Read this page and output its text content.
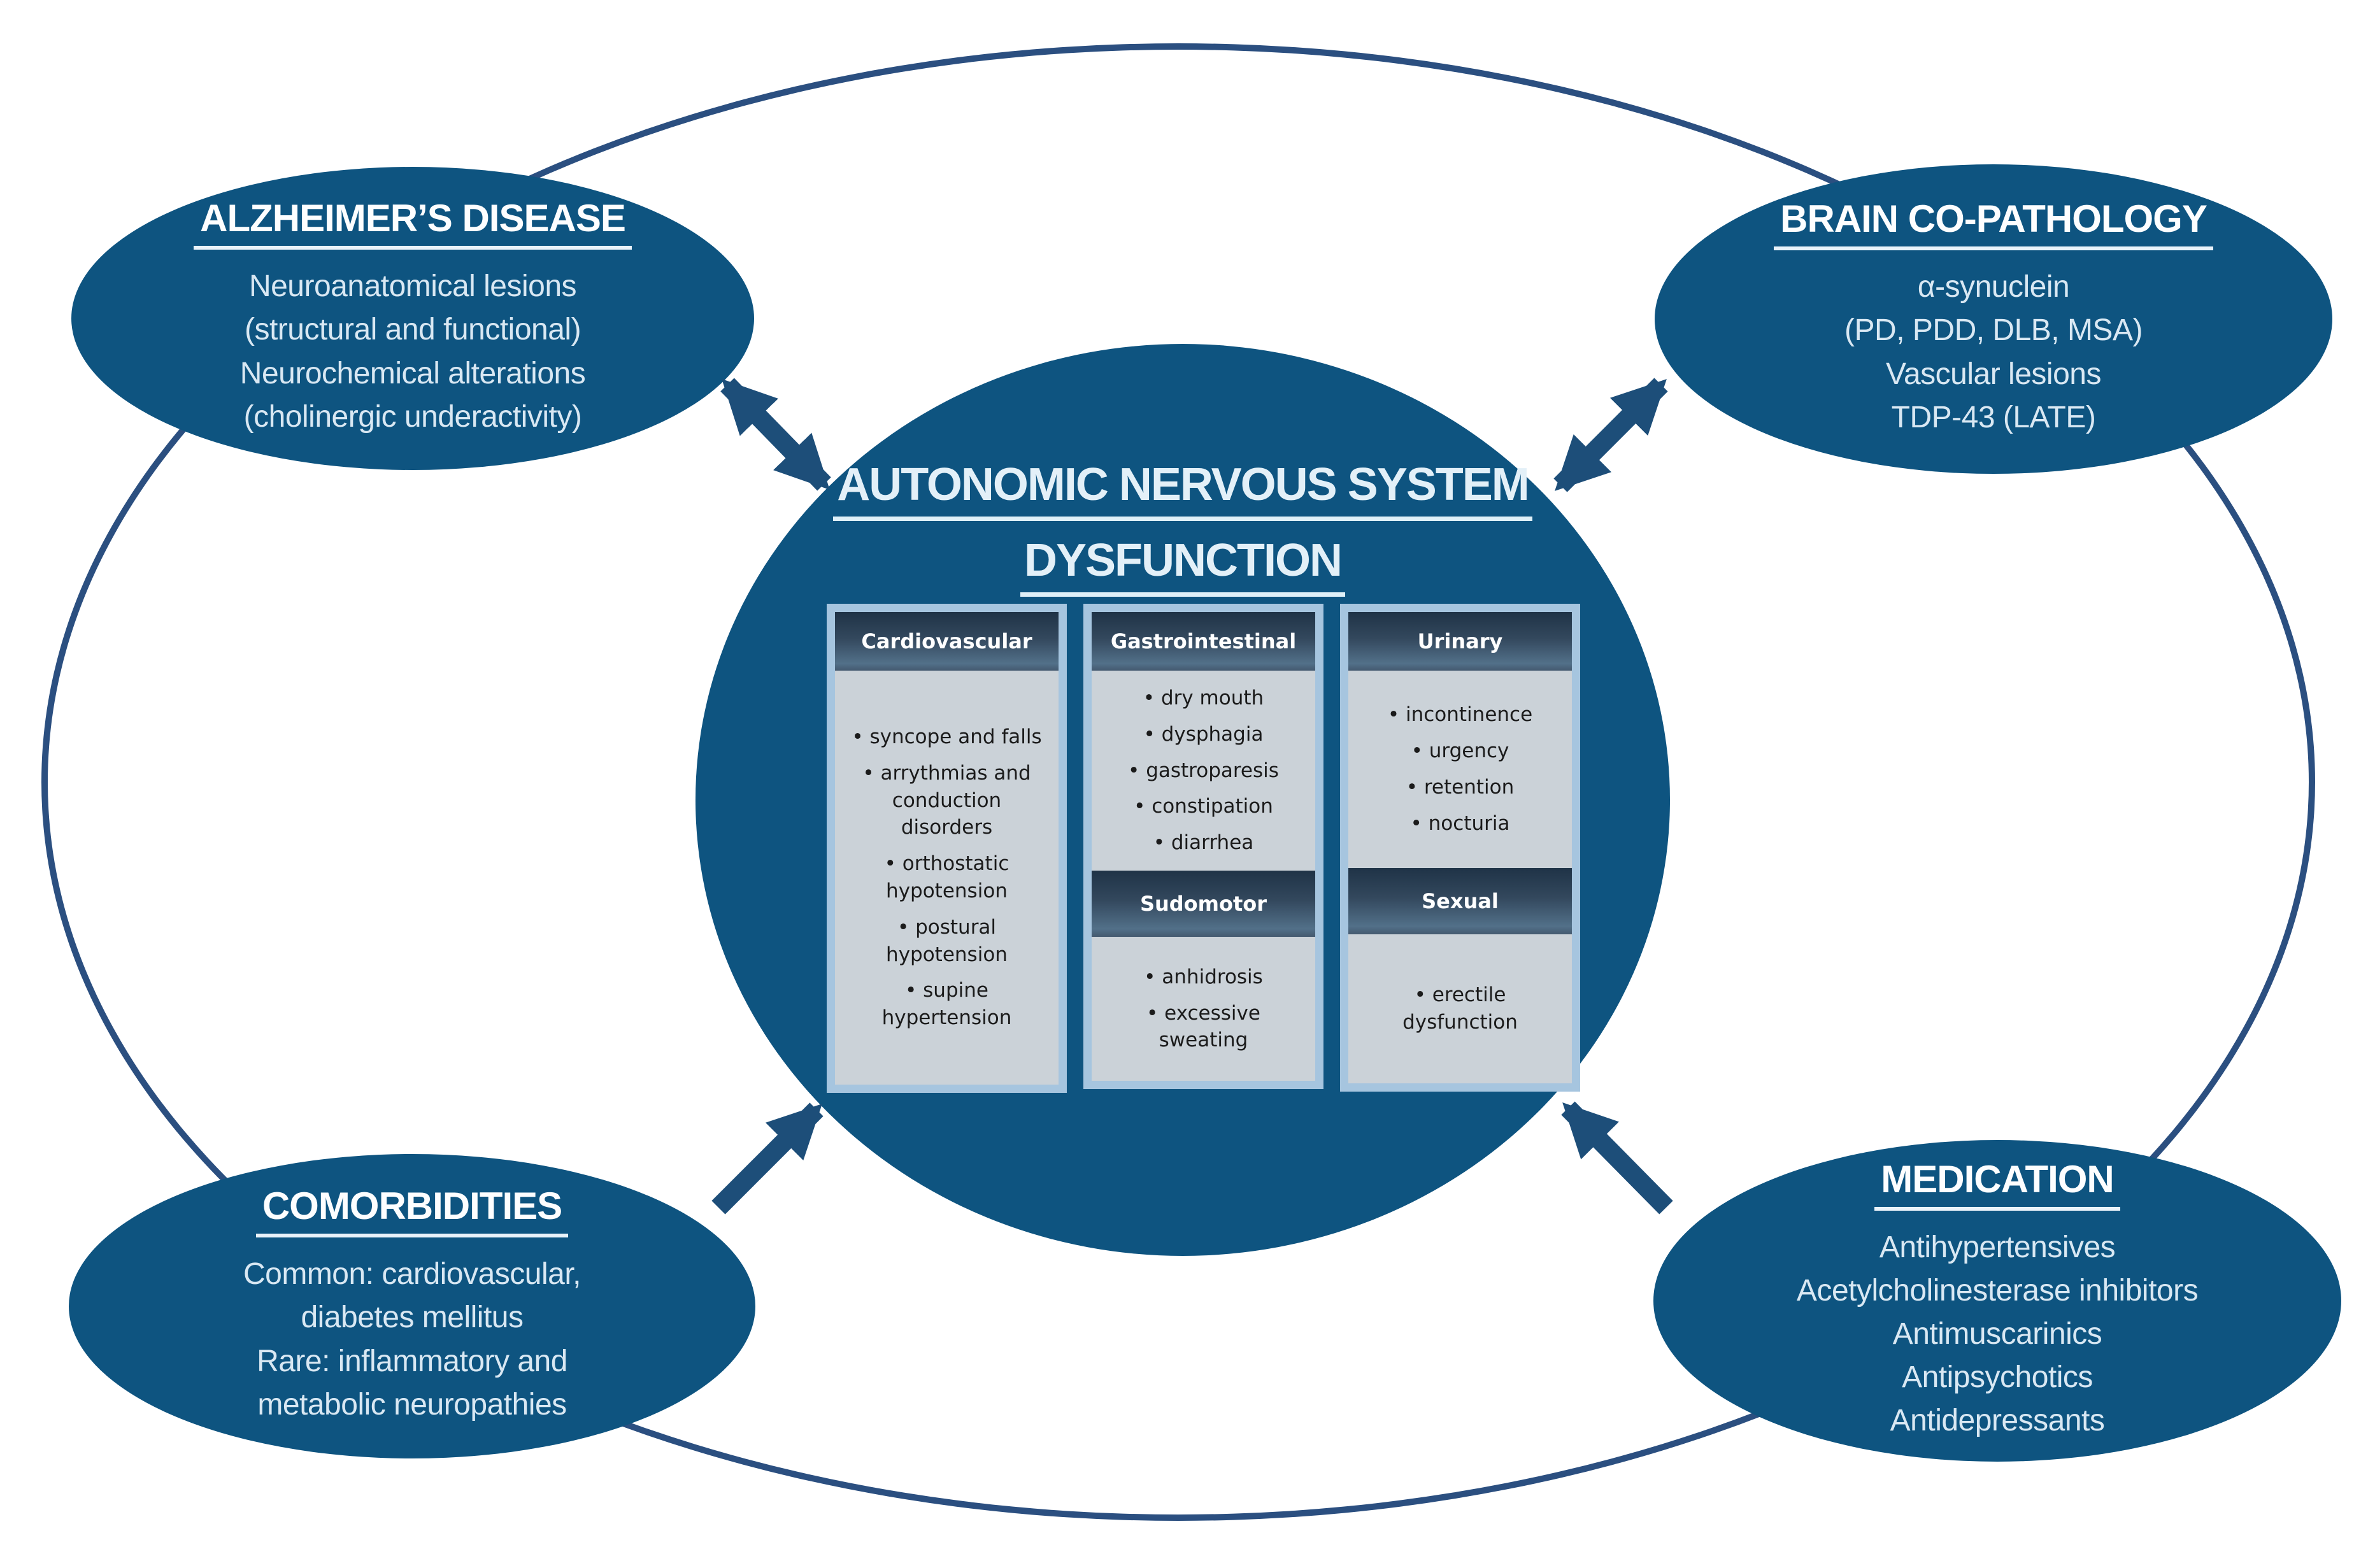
ALZHEIMER’S DISEASE
Neuroanatomical lesions
(structural and functional)
Neurochemical alterations
(cholinergic underactivity)
BRAIN CO-PATHOLOGY
α-synuclein
(PD, PDD, DLB, MSA)
Vascular lesions
TDP-43 (LATE)
COMORBIDITIES
Common: cardiovascular,
diabetes mellitus
Rare: inflammatory and
metabolic neuropathies
MEDICATION
Antihypertensives
Acetylcholinesterase inhibitors
Antimuscarinics
Antipsychotics
Antidepressants
AUTONOMIC NERVOUS SYSTEM
DYSFUNCTION
Cardiovascular
• syncope and falls
• arrythmias and conduction disorders
• orthostatic hypotension
• postural hypotension
• supine hypertension
Gastrointestinal
• dry mouth
• dysphagia
• gastroparesis
• constipation
• diarrhea
Sudomotor
• anhidrosis
• excessive sweating
Urinary
• incontinence
• urgency
• retention
• nocturia
Sexual
• erectile dysfunction
